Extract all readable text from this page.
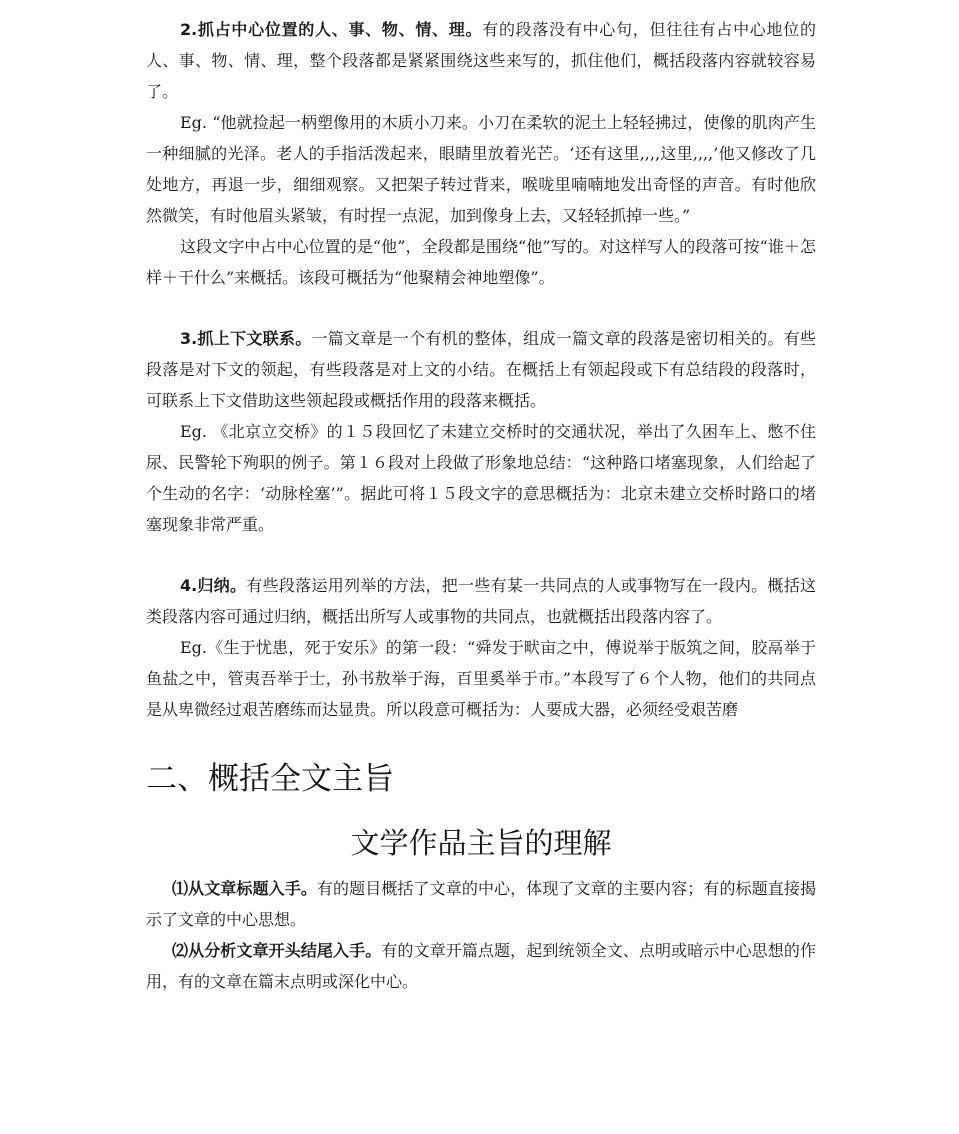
2.抓占中心位置的人、事、物、情、理。有的段落没有中心句，但往往有占中心地位的人、事、物、情、理，整个段落都是紧紧围绕这些来写的，抓住他们，概括段落内容就较容易了。

Eg. “他就捡起一柄塑像用的木质小刀来。小刀在柔软的泥土上轻轻拂过，使像的肌肉产生一种细腻的光泽。老人的手指活泼起来，眼睛里放着光芒。‘还有这里,,,,这里,,,,’他又修改了几处地方，再退一步，细细观察。又把架子转过背来，喉咙里喃喃地发出奇怪的声音。有时他欣然微笑，有时他眉头紧皱，有时捏一点泥，加到像身上去，又轻轻抓掉一些。”

这段文字中占中心位置的是“他”，全段都是围绕“他”写的。对这样写人的段落可按“谁＋怎样＋干什么”来概括。该段可概括为“他聚精会神地塑像”。

3.抓上下文联系。一篇文章是一个有机的整体，组成一篇文章的段落是密切相关的。有些段落是对下文的领起，有些段落是对上文的小结。在概括上有领起段或下有总结段的段落时，可联系上下文借助这些领起段或概括作用的段落来概括。

Eg. 《北京立交桥》的１５段回忆了未建立交桥时的交通状况，举出了久困车上、憋不住尿、民警轮下殉职的例子。第１６段对上段做了形象地总结：“这种路口堵塞现象，人们给起了个生动的名字：‘动脉栓塞’”。据此可将１５段文字的意思概括为：北京未建立交桥时路口的堵塞现象非常严重。

4.归纳。有些段落运用列举的方法，把一些有某一共同点的人或事物写在一段内。概括这类段落内容可通过归纳，概括出所写人或事物的共同点，也就概括出段落内容了。

Eg.《生于忧患，死于安乐》的第一段：“舜发于畎亩之中，傅说举于版筑之间，胶鬲举于鱼盐之中，管夷吾举于士，孙书敖举于海，百里奚举于市。”本段写了６个人物，他们的共同点是从卑微经过艰苦磨练而达显贵。所以段意可概括为：人要成大器，必须经受艰苦磨

二、概括全文主旨
文学作品主旨的理解

⑴从文章标题入手。有的题目概括了文章的中心，体现了文章的主要内容；有的标题直接揭示了文章的中心思想。

⑵从分析文章开头结尾入手。有的文章开篇点题，起到统领全文、点明或暗示中心思想的作用，有的文章在篇末点明或深化中心。
